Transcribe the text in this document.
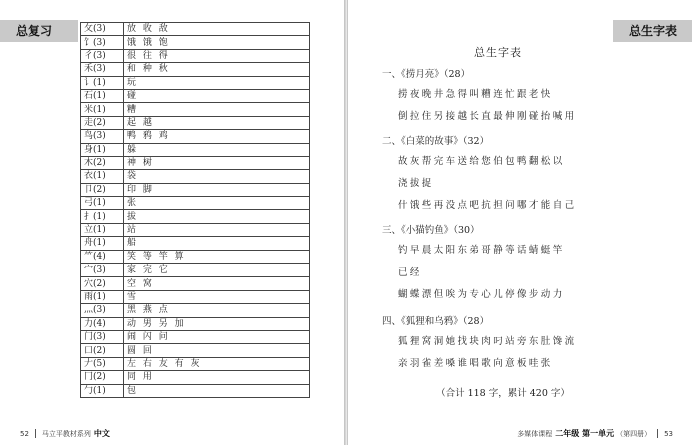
总复习	攵(3)	放 收 敌
饣(3)	饿 饿 饱
彳(3)	很 往 得
禾(3)	和 种 秋
讠(1)	玩
石(1)	碰
米(1)	糟
走(2)	起 越
鸟(3)	鸭 鸦 鸡
身(1)	躲
木(2)	神 树
衣(1)	袋
卩(2)	印 脚
弓(1)	张
扌(1)	拔
立(1)	站
舟(1)	船
⺮(4)	笑 等 竿 算
宀(3)	家 完 它
穴(2)	空 窝
雨(1)	雪
灬(3)	黑 燕 点
力(4)	动 男 另 加
门(3)	闹 闪 问
口(2)	圆 回
𠂇(5)	左 右 友 有 灰
冂(2)	同 用
勹(1)	包
52 马立平教材系列 中文
总生字表
总生字表
一、《捞月亮》（28）
捞夜晚井急得叫糟连忙跟老快
倒拉住另接越长直最伸刚碰抬喊用
二、《白菜的故事》（32）
故灰帮完车送给您伯包鸭翻松以
浇拔捉
什饿些再没点吧抗担问哪才能自己
三、《小猫钓鱼》（30）
钓早晨太阳东弟哥静等话蜻蜓竿
已经
蝴蝶漂但唉为专心儿停像步动力
四、《狐狸和乌鸦》（28）
狐狸窝洞她找块肉叼站旁东肚馋流
亲羽雀差嗓谁唱歌向意板哇张
（合计 118 字，累计 420 字）
多媒体课程 二年级 第一单元 （第四册） 53
